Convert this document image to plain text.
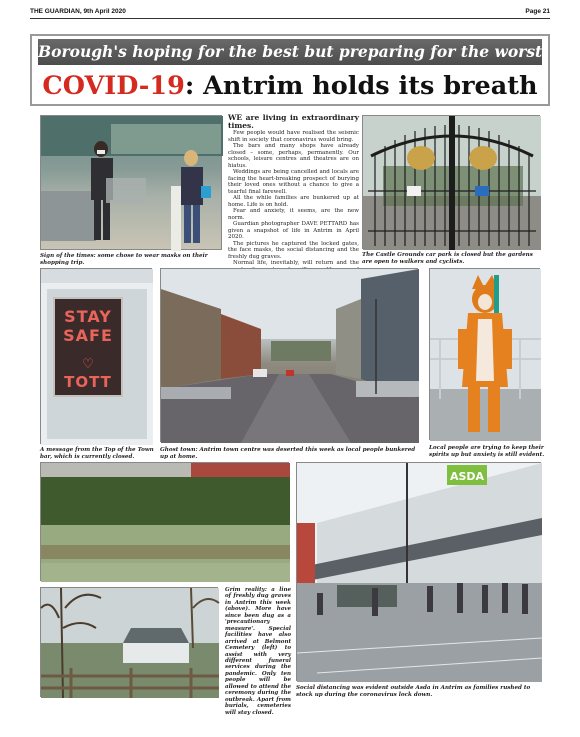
THE GUARDIAN, 9th April 2020	Page 21
Borough's hoping for the best but preparing for the worst
COVID-19: Antrim holds its breath
Sign of the times: some chose to wear masks on their shopping trip.

WE are living in extraordinary times.

Few people would have realised the seismic shift in society that coronavirus would bring.

The bars and many shops have already closed – some, perhaps, permanently. Our schools, leisure centres and theatres are on hiatus.

Weddings are being cancelled and locals are facing the heart-breaking prospect of burying their loved ones without a chance to give a tearful final farewell.

All the while families are bunkered up at home. Life is on hold.

Fear and anxiety, it seems, are the new norm.

Guardian photographer DAVE PETTARD has given a snapshot of life in Antrim in April 2020.

The pictures he captured the locked gates, the face masks, the social distancing and the freshly dug graves.

Normal life, inevitably, will return and the

The Castle Grounds car park is closed but the gardens are open to walkers and cyclists.
STAY
SAFE
♡
TOTT
A message from the Top of the Town bar, which is currently closed.
Ghost town: Antrim town centre was deserted this week as local people bunkered up at home.
Local people are trying to keep their spirits up but anxiety is still evident.
Grim reality: a line of freshly dug graves in Antrim this week (above). More have since been dug as a 'precautionary measure'. Special facilities have also arrived at Belmont Cemetery (left) to assist with very different funeral services during the pandemic. Only ten people will be allowed to attend the ceremony during the outbreak. Apart from burials, cemeteries will stay closed.
ASDA
Social distancing was evident outside Asda in Antrim as families rushed to stock up during the coronavirus lock down.
